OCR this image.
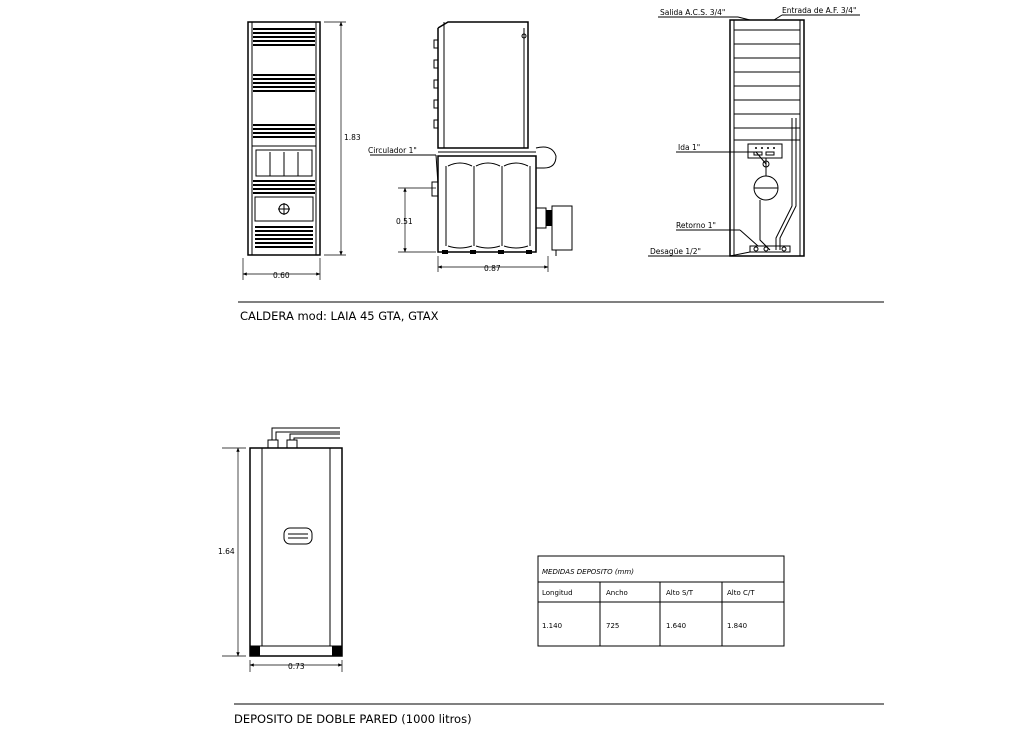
1.83
0.60
0.87
0.51
Circulador 1"
Salida A.C.S. 3/4"	Entrada de A.F. 3/4"
Ida 1"
Retorno 1"
Desagüe 1/2"
CALDERA mod: LAIA 45 GTA, GTAX
1.64
0.73
MEDIDAS DEPOSITO (mm)
Longitud	Ancho	Alto S/T	Alto C/T
1.140	725	1.640	1.840
DEPOSITO DE DOBLE PARED (1000 litros)
